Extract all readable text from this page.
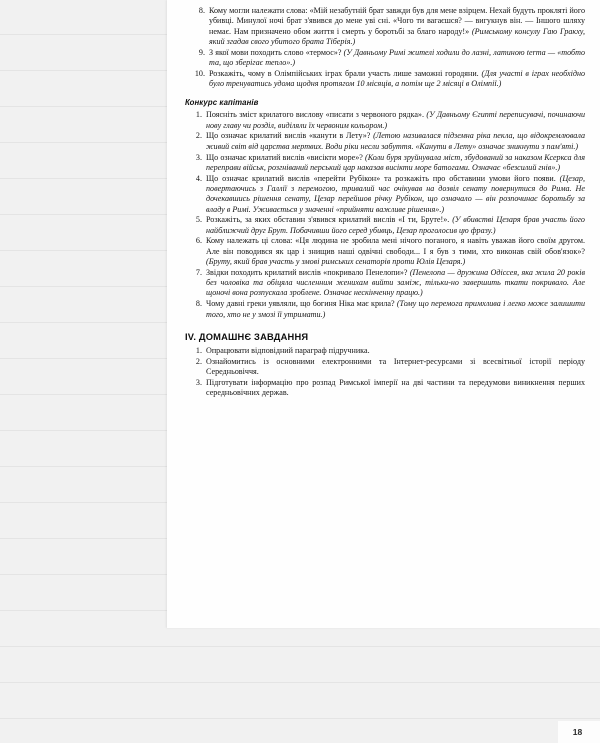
8. Кому могли належати слова: «Мій незабутній брат завжди був для мене взірцем. Нехай будуть прокляті його убивці. Минулої ночі брат з'явився до мене уві сні. «Чого ти вагаєшся? — вигукнув він. — Іншого шляху немає. Нам призначено обом життя і смерть у боротьбі за благо народу!» (Римському консулу Гаю Гракху, який згадав свого убитого брата Тіберія.)
9. З якої мови походить слово «термос»? (У Давньому Римі жителі ходили до лазні, латиною terma — «тобто та, що зберігає тепло».)
10. Розкажіть, чому в Олімпійських іграх брали участь лише заможні городяни. (Для участі в іграх необхідно було тренуватись удома щодня протягом 10 місяців, а потім ще 2 місяці в Олімпії.)
Конкурс капітанів
1. Поясніть зміст крилатого вислову «писати з червоного рядка». (У Давньому Єгипті переписувачі, починаючи нову главу чи розділ, виділяли їх червоним кольором.)
2. Що означає крилатий вислів «канути в Лету»? (Летою називалася підземна ріка пекла, що відокремлювала живий світ від царства мертвих. Води ріки несли забуття. «Канути в Лету» означає зникнути з пам'яті.)
3. Що означає крилатий вислів «висікти море»? (Коли буря зруйнувала міст, збудований за наказом Ксеркса для переправи військ, розгніваний перський цар наказав висікти море батогами. Означає «безсилий гнів».)
4. Що означає крилатий вислів «перейти Рубікон» та розкажіть про обставини умови його появи. (Цезар, повертаючись з Галлії з перемогою, тривалий час очікував на дозвіл сенату повернутися до Рима. Не дочекавшись рішення сенату, Цезар перейшов річку Рубікон, що означало — він розпочинає боротьбу за владу в Римі. Уживається у значенні «прийняти важливе рішення».)
5. Розкажіть, за яких обставин з'явився крилатий вислів «І ти, Бруте!». (У вбивстві Цезаря брав участь його найближчий друг Брут. Побачивши його серед убивць, Цезар проголосив цю фразу.)
6. Кому належать ці слова: «Ця людина не зробила мені нічого поганого, я навіть уважав його своїм другом. Але він поводився як цар і знищив наші одвічні свободи... І я був з тими, хто виконав свій обов'язок»? (Бруту, який брав участь у змові римських сенаторів проти Юлія Цезаря.)
7. Звідки походить крилатий вислів «покривало Пенелопи»? (Пенелопа — дружина Одіссея, яка жила 20 років без чоловіка та обіцяла численним женихам вийти заміж, тільки-но завершить ткати покривало. Але щоночі вона розпускала зроблене. Означає нескінченну працю.)
8. Чому давні греки уявляли, що богиня Ніка має крила? (Тому що перемога примхлива і легко може залишити того, хто не у змозі її утримати.)
IV. ДОМАШНЄ ЗАВДАННЯ
1. Опрацювати відповідний параграф підручника.
2. Ознайомитись із основними електронними та Інтернет-ресурсами зі всесвітньої історії періоду Середньовіччя.
3. Підготувати інформацію про розпад Римської імперії на дві частини та передумови виникнення перших середньовічних держав.
18
